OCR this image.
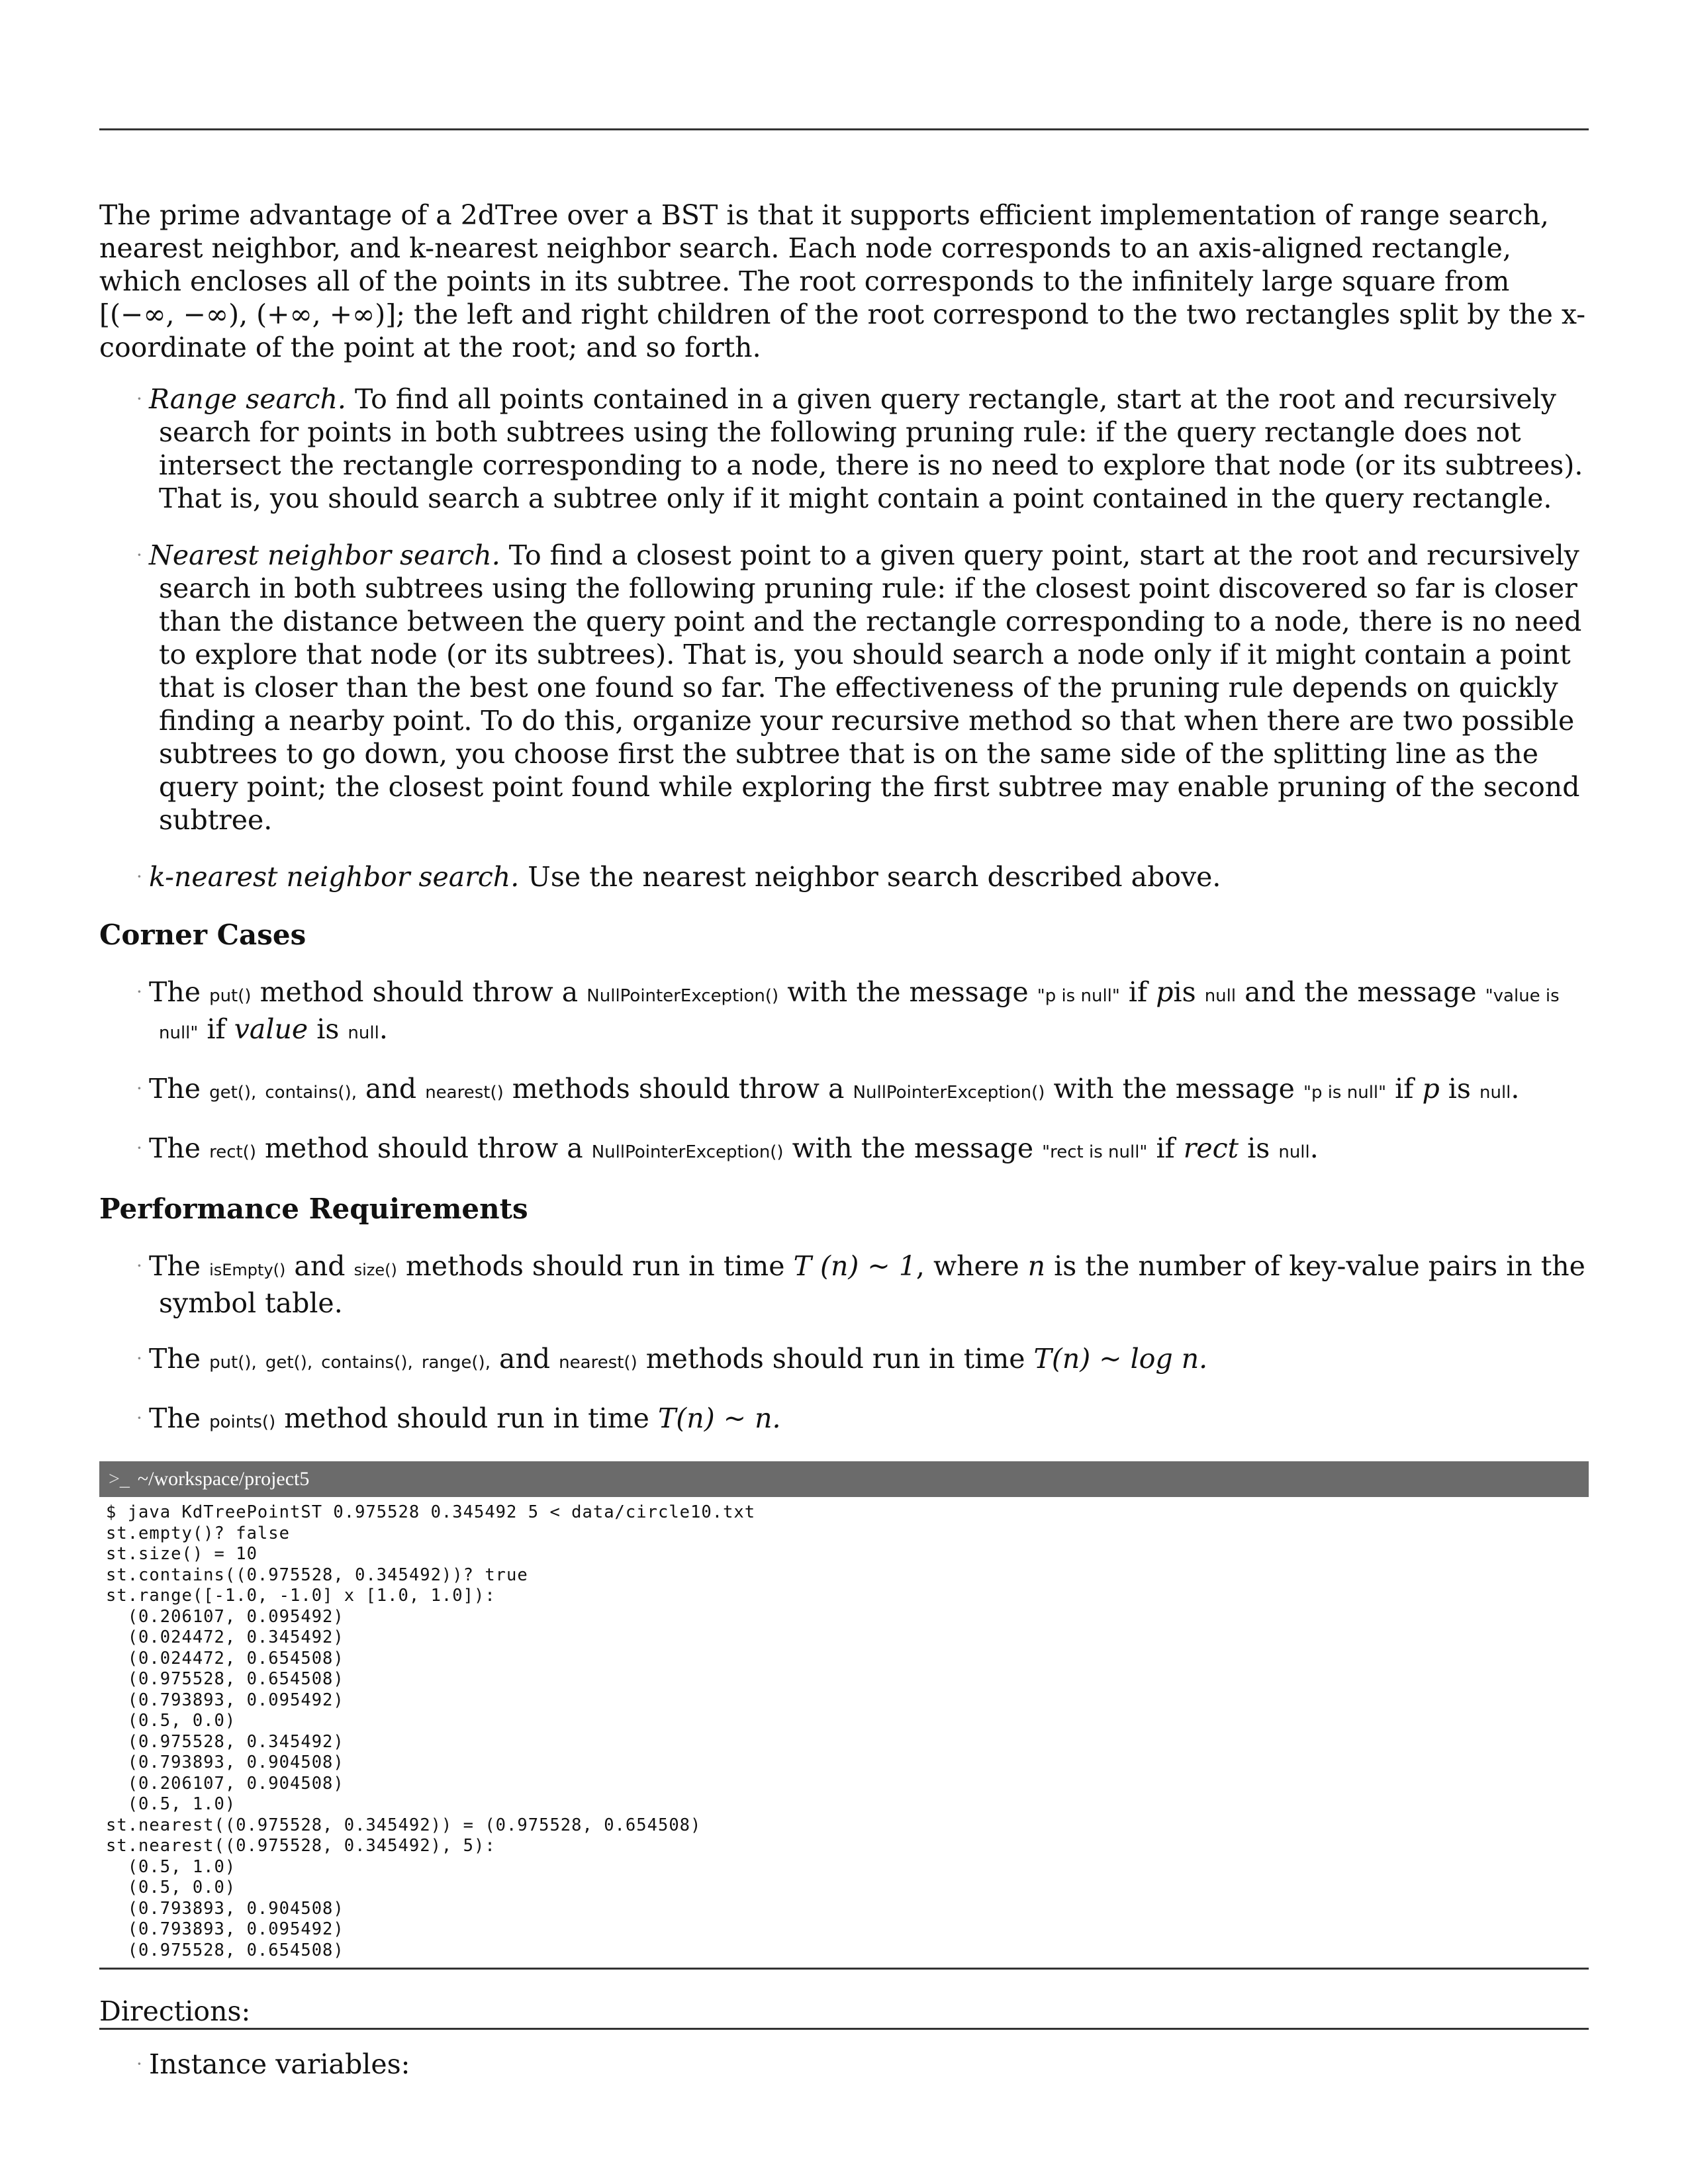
The prime advantage of a 2dTree over a BST is that it supports efficient implementation of range search, nearest neighbor, and k-nearest neighbor search. Each node corresponds to an axis-aligned rectangle, which encloses all of the points in its subtree. The root corresponds to the infinitely large square from [(−∞, −∞), (+∞, +∞)]; the left and right children of the root correspond to the two rectangles split by the x-coordinate of the point at the root; and so forth.

· Range search. To find all points contained in a given query rectangle, start at the root and recursively search for points in both subtrees using the following pruning rule: if the query rectangle does not intersect the rectangle corresponding to a node, there is no need to explore that node (or its subtrees). That is, you should search a subtree only if it might contain a point contained in the query rectangle.
· Nearest neighbor search. To find a closest point to a given query point, start at the root and recursively search in both subtrees using the following pruning rule: if the closest point discovered so far is closer than the distance between the query point and the rectangle corresponding to a node, there is no need to explore that node (or its subtrees). That is, you should search a node only if it might contain a point that is closer than the best one found so far. The effectiveness of the pruning rule depends on quickly finding a nearby point. To do this, organize your recursive method so that when there are two possible subtrees to go down, you choose first the subtree that is on the same side of the splitting line as the query point; the closest point found while exploring the first subtree may enable pruning of the second subtree.
· k-nearest neighbor search. Use the nearest neighbor search described above.
Corner Cases
· The put() method should throw a NullPointerException() with the message "p is null" if pis null and the message "value is null" if value is null.
· The get(), contains(), and nearest() methods should throw a NullPointerException() with the message "p is null" if p is null.
· The rect() method should throw a NullPointerException() with the message "rect is null" if rect is null.
Performance Requirements
· The isEmpty() and size() methods should run in time T (n) ~ 1, where n is the number of key-value pairs in the symbol table.
· The put(), get(), contains(), range(), and nearest() methods should run in time T(n) ~ log n.
· The points() method should run in time T(n) ~ n.
>_ ~/workspace/project5
$ java KdTreePointST 0.975528 0.345492 5 < data/circle10.txt
st.empty()? false
st.size() = 10
st.contains((0.975528, 0.345492))? true
st.range([-1.0, -1.0] x [1.0, 1.0]):
(0.206107, 0.095492)
(0.024472, 0.345492)
(0.024472, 0.654508)
(0.975528, 0.654508)
(0.793893, 0.095492)
(0.5, 0.0)
(0.975528, 0.345492)
(0.793893, 0.904508)
(0.206107, 0.904508)
(0.5, 1.0)
st.nearest((0.975528, 0.345492)) = (0.975528, 0.654508)
st.nearest((0.975528, 0.345492), 5):
(0.5, 1.0)
(0.5, 0.0)
(0.793893, 0.904508)
(0.793893, 0.095492)
(0.975528, 0.654508)

Directions:

· Instance variables:
